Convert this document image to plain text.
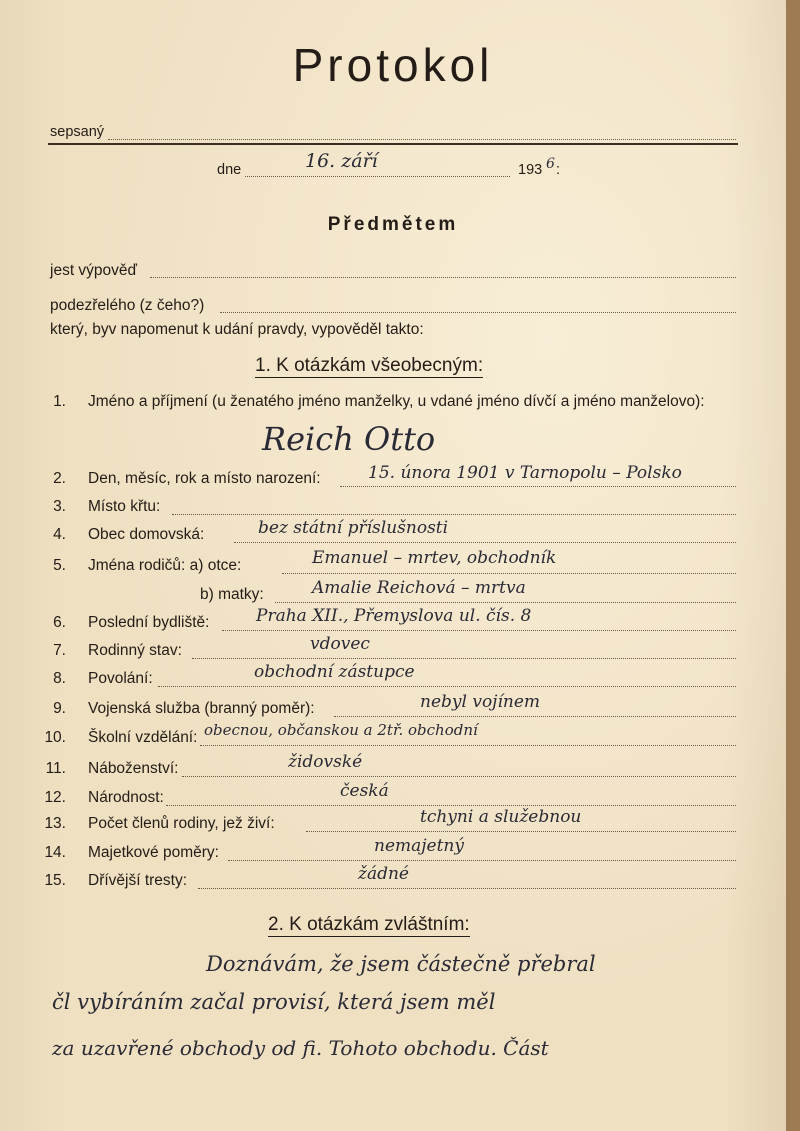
Protokol
sepsaný
dne	16. září	193 6 :
Předmětem
jest výpověď
podezřelého (z čeho?)
který, byv napomenut k udání pravdy, vypověděl takto:
1. K otázkám všeobecným:
1. Jméno a příjmení (u ženatého jméno manželky, u vdané jméno dívčí a jméno manželovo):
Reich Otto
2. Den, měsíc, rok a místo narození:	15. února 1901 v Tarnopolu – Polsko
3. Místo křtu:
4. Obec domovská:	bez státní příslušnosti
5. Jména rodičů: a) otce:	Emanuel – mrtev, obchodník
b) matky:	Amalie Reichová – mrtva
6. Poslední bydliště:	Praha XII., Přemyslova ul. čís. 8
7. Rodinný stav:	vdovec
8. Povolání:	obchodní zástupce
9. Vojenská služba (branný poměr):	nebyl vojínem
10. Školní vzdělání: obecnou, občanskou a 2tř. obchodní
11. Náboženství:	židovské
12. Národnost:	česká
13. Počet členů rodiny, jež živí:	tchyni a služebnou
14. Majetkové poměry:	nemajetný
15. Dřívější tresty:	žádné
2. K otázkám zvláštním:
Doznávám, že jsem částečně přebral
čl vybíráním začal provisí, která jsem měl
za uzavřené obchody od fi. Tohoto obchodu. Část
